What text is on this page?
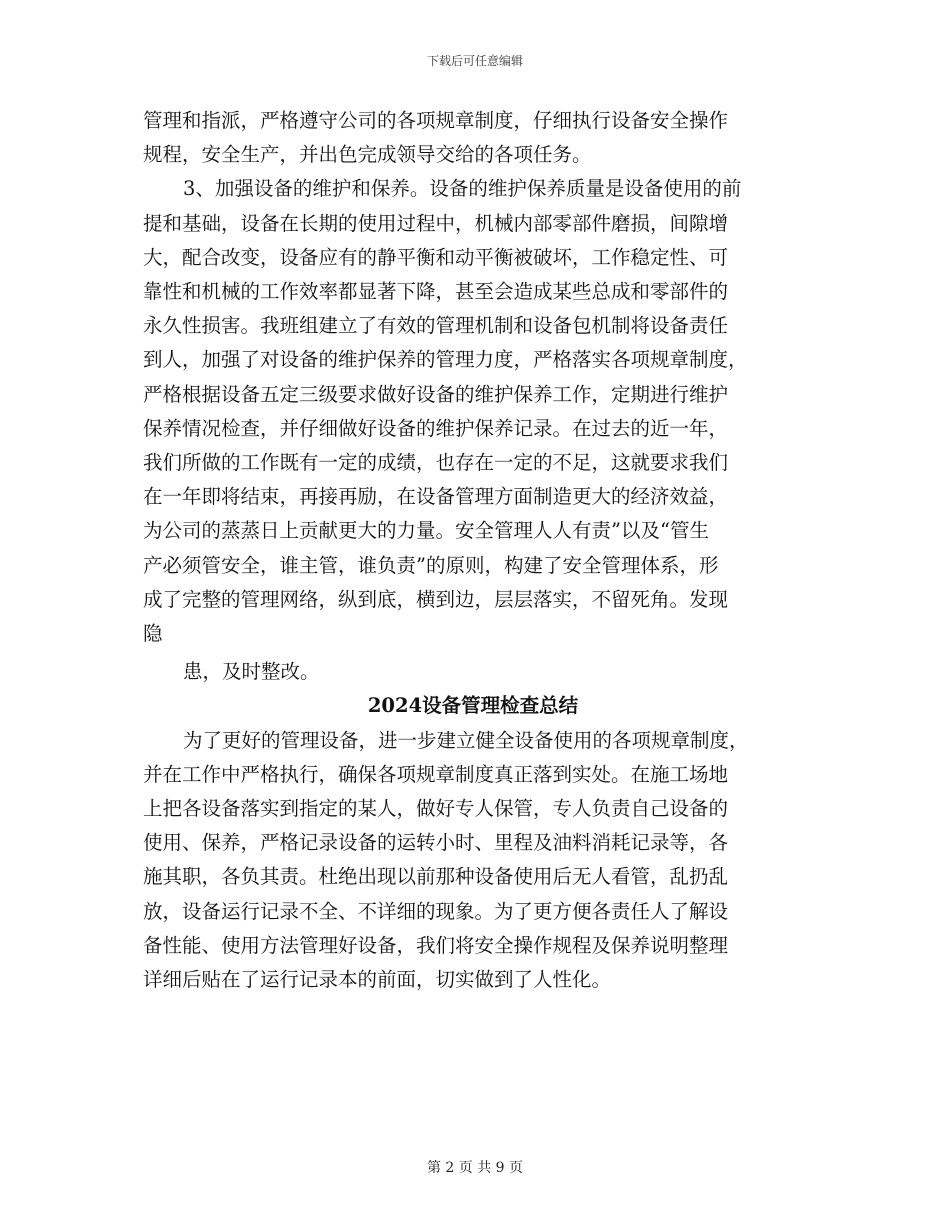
下载后可任意编辑

管理和指派，严格遵守公司的各项规章制度，仔细执行设备安全操作
规程，安全生产，并出色完成领导交给的各项任务。

3、加强设备的维护和保养。设备的维护保养质量是设备使用的前
提和基础，设备在长期的使用过程中，机械内部零部件磨损，间隙增
大，配合改变，设备应有的静平衡和动平衡被破坏，工作稳定性、可
靠性和机械的工作效率都显著下降，甚至会造成某些总成和零部件的
永久性损害。我班组建立了有效的管理机制和设备包机制将设备责任
到人，加强了对设备的维护保养的管理力度，严格落实各项规章制度，
严格根据设备五定三级要求做好设备的维护保养工作，定期进行维护
保养情况检查，并仔细做好设备的维护保养记录。在过去的近一年，
我们所做的工作既有一定的成绩，也存在一定的不足，这就要求我们
在一年即将结束，再接再励，在设备管理方面制造更大的经济效益，
为公司的蒸蒸日上贡献更大的力量。安全管理人人有责”以及“管生
产必须管安全，谁主管，谁负责”的原则，构建了安全管理体系，形
成了完整的管理网络，纵到底，横到边，层层落实，不留死角。发现
隐

患，及时整改。

2024设备管理检查总结

为了更好的管理设备，进一步建立健全设备使用的各项规章制度，
并在工作中严格执行，确保各项规章制度真正落到实处。在施工场地
上把各设备落实到指定的某人，做好专人保管，专人负责自己设备的
使用、保养，严格记录设备的运转小时、里程及油料消耗记录等，各
施其职，各负其责。杜绝出现以前那种设备使用后无人看管，乱扔乱
放，设备运行记录不全、不详细的现象。为了更方便各责任人了解设
备性能、使用方法管理好设备，我们将安全操作规程及保养说明整理
详细后贴在了运行记录本的前面，切实做到了人性化。

第 2 页 共 9 页
